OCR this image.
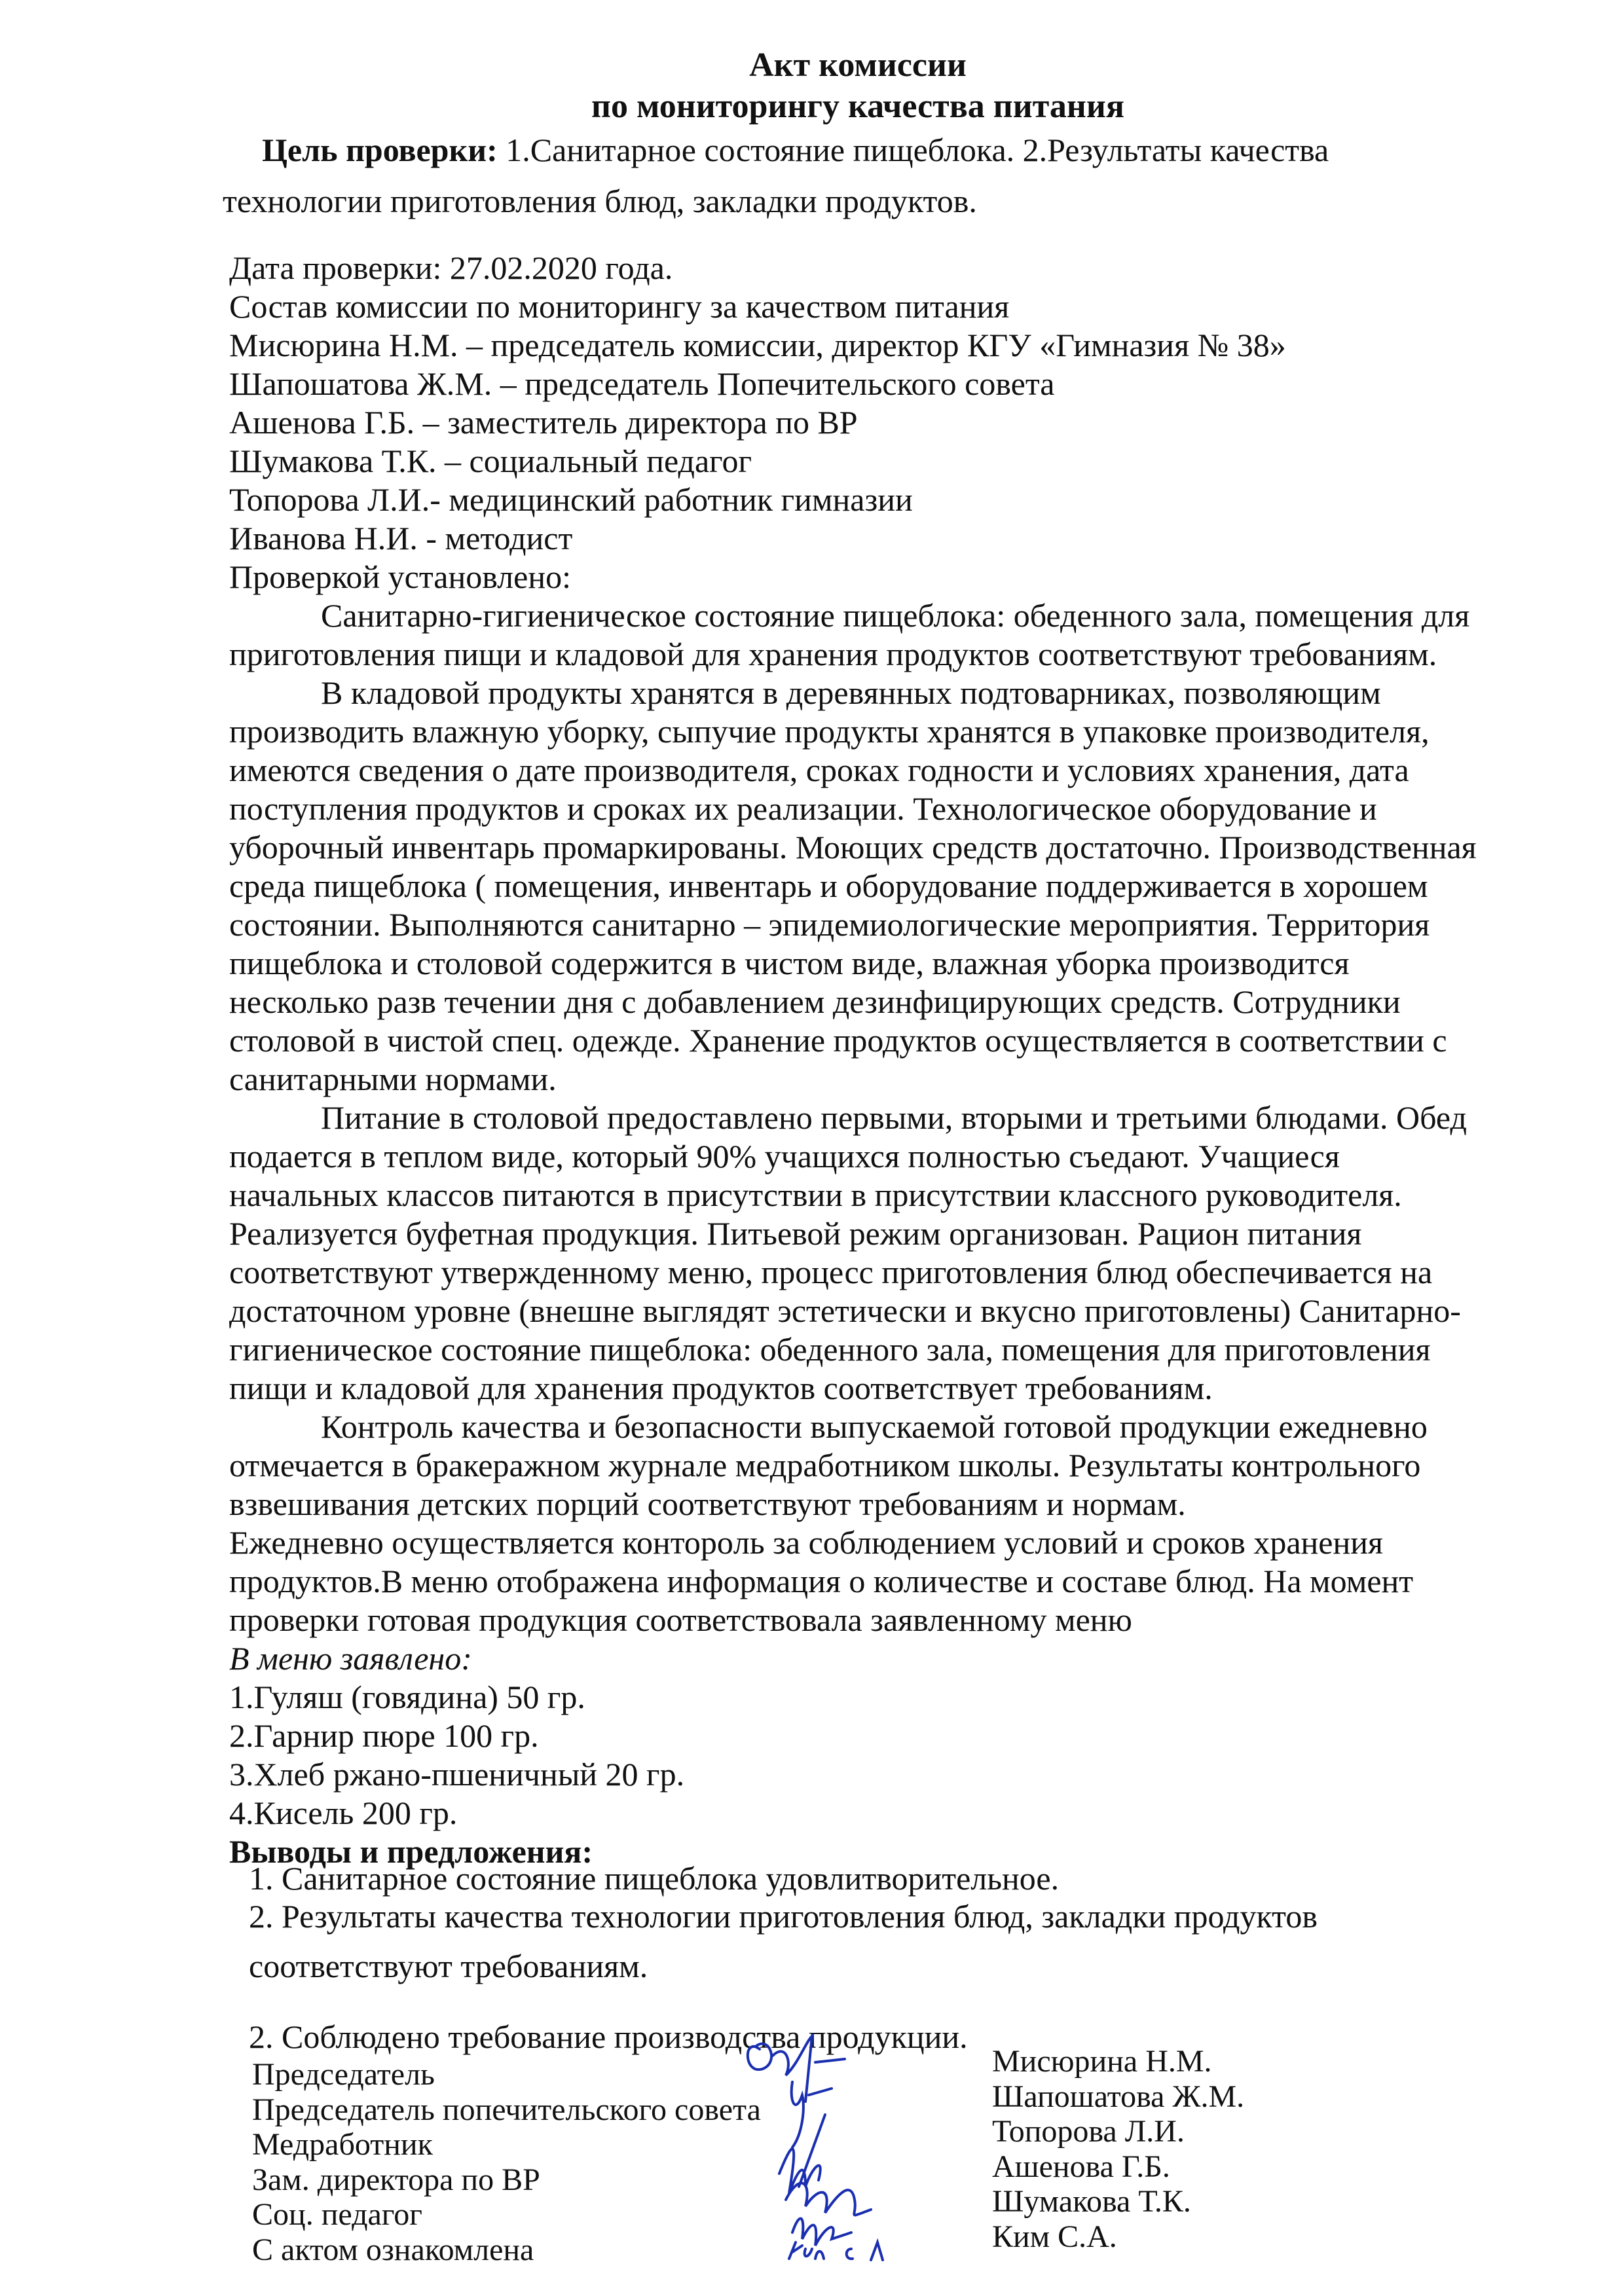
Акт комиссии
по мониторингу качества питания
Цель проверки: 1.Санитарное состояние пищеблока. 2.Результаты качества
технологии приготовления блюд, закладки продуктов.
Дата проверки: 27.02.2020 года.
Состав комиссии по мониторингу за качеством питания
Мисюрина Н.М. – председатель комиссии, директор КГУ «Гимназия № 38»
Шапошатова Ж.М. – председатель Попечительского совета
Ашенова Г.Б. – заместитель директора по ВР
Шумакова Т.К. – социальный педагог
Топорова Л.И.- медицинский работник гимназии
Иванова Н.И. - методист
Проверкой установлено:
Санитарно-гигиеническое состояние пищеблока: обеденного зала, помещения для
приготовления пищи и кладовой для хранения продуктов соответствуют требованиям.
В кладовой продукты хранятся в деревянных подтоварниках, позволяющим
производить влажную уборку, сыпучие продукты хранятся в упаковке производителя,
имеются сведения о дате производителя, сроках годности и условиях хранения, дата
поступления продуктов и сроках их реализации. Технологическое оборудование и
уборочный инвентарь промаркированы. Моющих средств достаточно. Производственная
среда пищеблока ( помещения, инвентарь и оборудование поддерживается в хорошем
состоянии. Выполняются санитарно – эпидемиологические мероприятия. Территория
пищеблока и столовой содержится в чистом виде, влажная уборка производится
несколько разв течении дня с добавлением дезинфицирующих средств. Сотрудники
столовой в чистой спец. одежде. Хранение продуктов осуществляется в соответствии с
санитарными нормами.
Питание в столовой предоставлено первыми, вторыми и третьими блюдами. Обед
подается в теплом виде, который 90% учащихся полностью съедают. Учащиеся
начальных классов питаются в присутствии в присутствии классного руководителя.
Реализуется буфетная продукция. Питьевой режим организован. Рацион питания
соответствуют утвержденному меню, процесс приготовления блюд обеспечивается на
достаточном уровне (внешне выглядят эстетически и вкусно приготовлены) Санитарно-
гигиеническое состояние пищеблока: обеденного зала, помещения для приготовления
пищи и кладовой для хранения продуктов соответствует требованиям.
Контроль качества и безопасности выпускаемой готовой продукции ежедневно
отмечается в бракеражном журнале медработником школы. Результаты контрольного
взвешивания детских порций соответствуют требованиям и нормам.
Ежедневно осуществляется конторoль за соблюдением условий и сроков хранения
продуктов.В меню отображена информация о количестве и составе блюд. На момент
проверки готовая продукция соответствовала заявленному меню
В меню заявлено:
1.Гуляш (говядина) 50 гр.
2.Гарнир пюре 100 гр.
3.Хлеб ржано-пшеничный 20 гр.
4.Кисель 200 гр.
Выводы и предложения:
1. Санитарное состояние пищеблока удовлитворительное.
2. Результаты качества технологии приготовления блюд, закладки продуктов
соответствуют требованиям.
2. Соблюдено требование производства продукции.
Председатель
Председатель попечительского совета
Медработник
Зам. директора по ВР
Соц. педагог
С актом ознакомлена
Мисюрина Н.М.
Шапошатова Ж.М.
Топорова Л.И.
Ашенова Г.Б.
Шумакова Т.К.
Ким С.А.
